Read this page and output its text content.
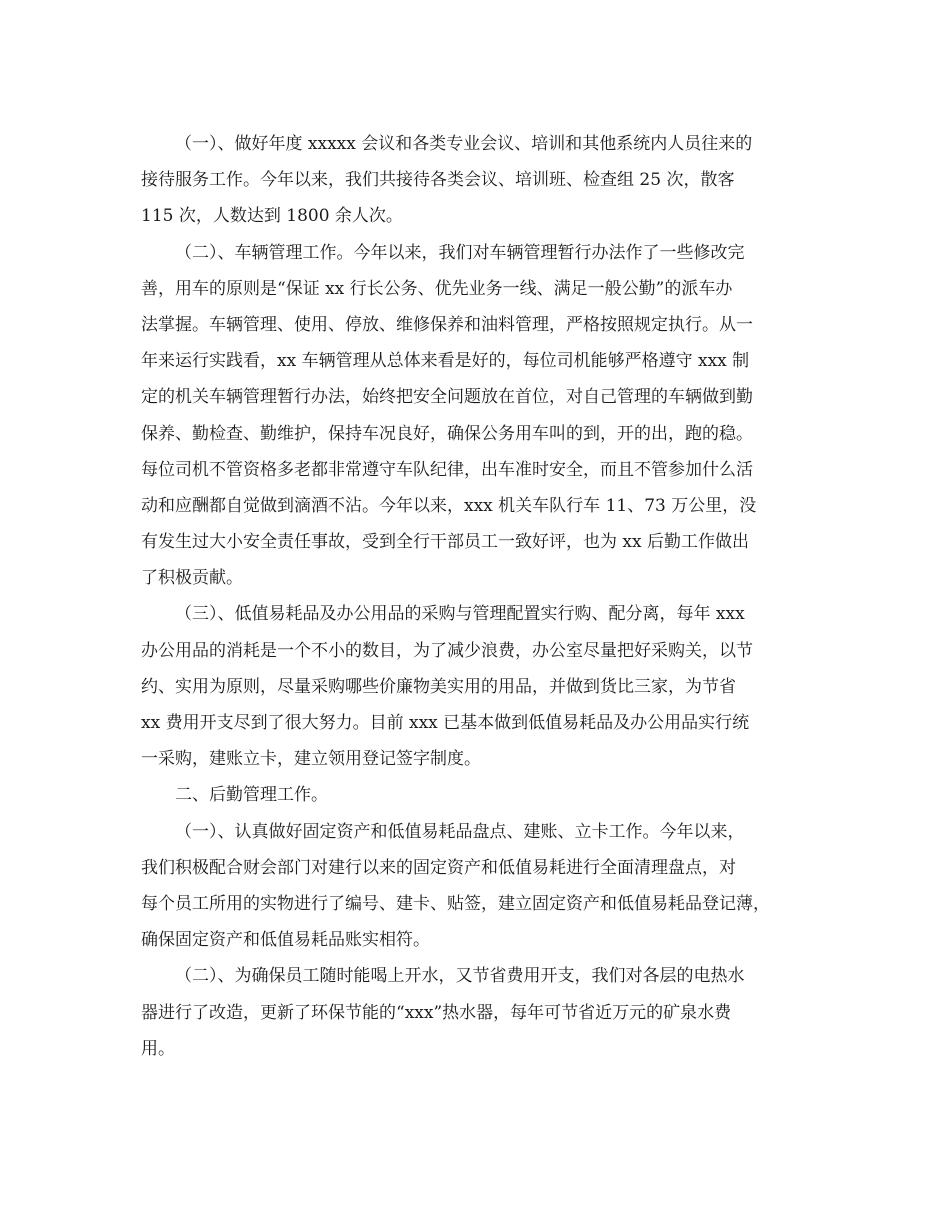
（一）、做好年度 xxxxx 会议和各类专业会议、培训和其他系统内人员往来的
接待服务工作。今年以来，我们共接待各类会议、培训班、检查组 25 次，散客
115 次，人数达到 1800 余人次。
（二）、车辆管理工作。今年以来，我们对车辆管理暂行办法作了一些修改完
善，用车的原则是“保证 xx 行长公务、优先业务一线、满足一般公勤”的派车办
法掌握。车辆管理、使用、停放、维修保养和油料管理，严格按照规定执行。从一
年来运行实践看，xx 车辆管理从总体来看是好的，每位司机能够严格遵守 xxx 制
定的机关车辆管理暂行办法，始终把安全问题放在首位，对自己管理的车辆做到勤
保养、勤检查、勤维护，保持车况良好，确保公务用车叫的到，开的出，跑的稳。
每位司机不管资格多老都非常遵守车队纪律，出车准时安全，而且不管参加什么活
动和应酬都自觉做到滴酒不沾。今年以来，xxx 机关车队行车 11、73 万公里，没
有发生过大小安全责任事故，受到全行干部员工一致好评，也为 xx 后勤工作做出
了积极贡献。
（三）、低值易耗品及办公用品的采购与管理配置实行购、配分离，每年 xxx
办公用品的消耗是一个不小的数目，为了减少浪费，办公室尽量把好采购关，以节
约、实用为原则，尽量采购哪些价廉物美实用的用品，并做到货比三家，为节省
xx 费用开支尽到了很大努力。目前 xxx 已基本做到低值易耗品及办公用品实行统
一采购，建账立卡，建立领用登记签字制度。
二、后勤管理工作。
（一）、认真做好固定资产和低值易耗品盘点、建账、立卡工作。今年以来，
我们积极配合财会部门对建行以来的固定资产和低值易耗进行全面清理盘点，对
每个员工所用的实物进行了编号、建卡、贴签，建立固定资产和低值易耗品登记薄，
确保固定资产和低值易耗品账实相符。
（二）、为确保员工随时能喝上开水，又节省费用开支，我们对各层的电热水
器进行了改造，更新了环保节能的“xxx”热水器，每年可节省近万元的矿泉水费
用。
